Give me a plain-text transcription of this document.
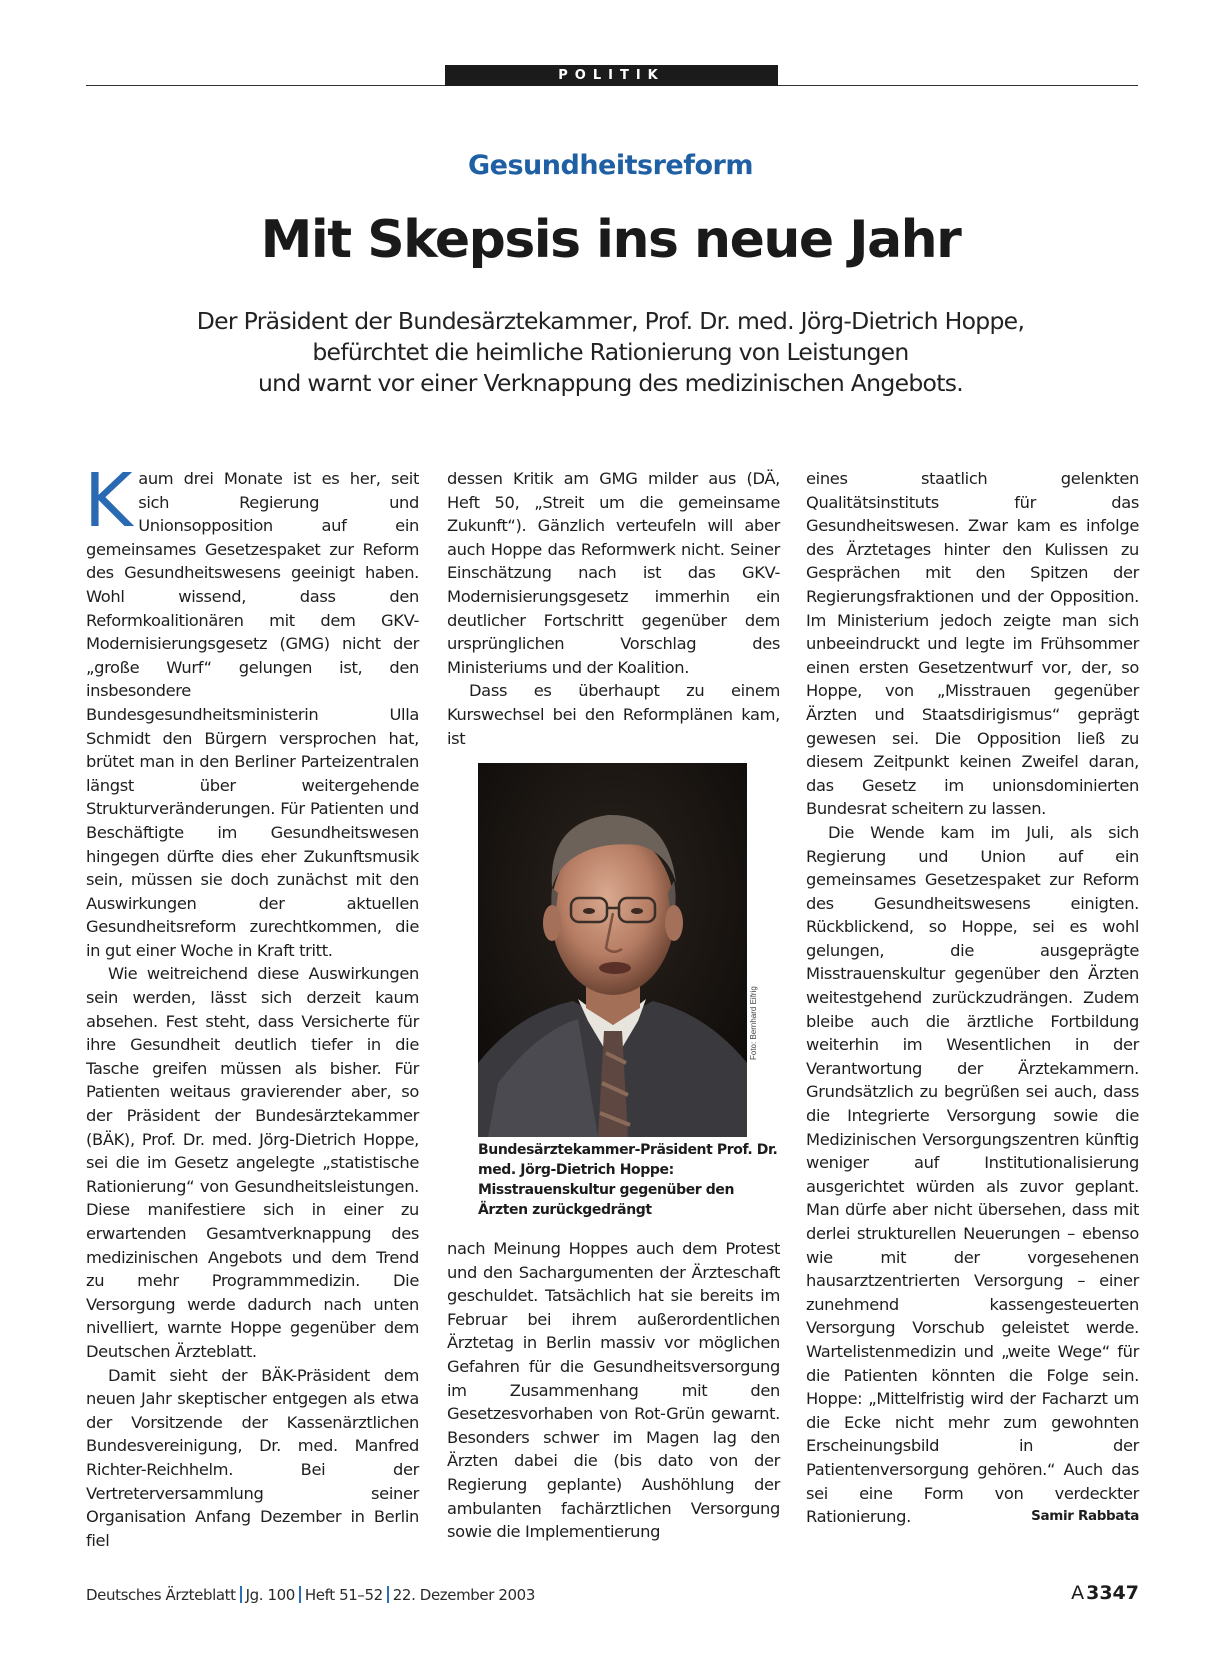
POLITIK
Gesundheitsreform
Mit Skepsis ins neue Jahr
Der Präsident der Bundesärztekammer, Prof. Dr. med. Jörg-Dietrich Hoppe,
befürchtet die heimliche Rationierung von Leistungen
und warnt vor einer Verknappung des medizinischen Angebots.

Kaum drei Monate ist es her, seit sich Regierung und Unionsopposition auf ein gemeinsames Gesetzespaket zur Reform des Gesundheitswesens geeinigt haben. Wohl wissend, dass den Reformkoalitionären mit dem GKV-Modernisierungsgesetz (GMG) nicht der „große Wurf“ gelungen ist, den insbesondere Bundesgesundheitsministerin Ulla Schmidt den Bürgern versprochen hat, brütet man in den Berliner Parteizentralen längst über weitergehende Strukturveränderungen. Für Patienten und Beschäftigte im Gesundheitswesen hingegen dürfte dies eher Zukunftsmusik sein, müssen sie doch zunächst mit den Auswirkungen der aktuellen Gesundheitsreform zurechtkommen, die in gut einer Woche in Kraft tritt.

Wie weitreichend diese Auswirkungen sein werden, lässt sich derzeit kaum absehen. Fest steht, dass Versicherte für ihre Gesundheit deutlich tiefer in die Tasche greifen müssen als bisher. Für Patienten weitaus gravierender aber, so der Präsident der Bundesärztekammer (BÄK), Prof. Dr. med. Jörg-Dietrich Hoppe, sei die im Gesetz angelegte „statistische Rationierung“ von Gesundheitsleistungen. Diese manifestiere sich in einer zu erwartenden Gesamtverknappung des medizinischen Angebots und dem Trend zu mehr Programmmedizin. Die Versorgung werde dadurch nach unten nivelliert, warnte Hoppe gegenüber dem Deutschen Ärzteblatt.

Damit sieht der BÄK-Präsident dem neuen Jahr skeptischer entgegen als etwa der Vorsitzende der Kassenärztlichen Bundesvereinigung, Dr. med. Manfred Richter-Reichhelm. Bei der Vertreterversammlung seiner Organisation Anfang Dezember in Berlin fiel

dessen Kritik am GMG milder aus (DÄ, Heft 50, „Streit um die gemeinsame Zukunft“). Gänzlich verteufeln will aber auch Hoppe das Reformwerk nicht. Seiner Einschätzung nach ist das GKV-Modernisierungsgesetz immerhin ein deutlicher Fortschritt gegenüber dem ursprünglichen Vorschlag des Ministeriums und der Koalition.

Dass es überhaupt zu einem Kurswechsel bei den Reformplänen kam, ist

Foto: Bernhard Eifrig
Bundesärztekammer-Präsident Prof. Dr. med. Jörg-Dietrich Hoppe: Misstrauenskultur gegenüber den Ärzten zurückgedrängt

nach Meinung Hoppes auch dem Protest und den Sachargumenten der Ärzteschaft geschuldet. Tatsächlich hat sie bereits im Februar bei ihrem außerordentlichen Ärztetag in Berlin massiv vor möglichen Gefahren für die Gesundheitsversorgung im Zusammenhang mit den Gesetzesvorhaben von Rot-Grün gewarnt. Besonders schwer im Magen lag den Ärzten dabei die (bis dato von der Regierung geplante) Aushöhlung der ambulanten fachärztlichen Versorgung sowie die Implementierung

eines staatlich gelenkten Qualitätsinstituts für das Gesundheitswesen. Zwar kam es infolge des Ärztetages hinter den Kulissen zu Gesprächen mit den Spitzen der Regierungsfraktionen und der Opposition. Im Ministerium jedoch zeigte man sich unbeeindruckt und legte im Frühsommer einen ersten Gesetzentwurf vor, der, so Hoppe, von „Misstrauen gegenüber Ärzten und Staatsdirigismus“ geprägt gewesen sei. Die Opposition ließ zu diesem Zeitpunkt keinen Zweifel daran, das Gesetz im unionsdominierten Bundesrat scheitern zu lassen.

Die Wende kam im Juli, als sich Regierung und Union auf ein gemeinsames Gesetzespaket zur Reform des Gesundheitswesens einigten. Rückblickend, so Hoppe, sei es wohl gelungen, die ausgeprägte Misstrauenskultur gegenüber den Ärzten weitestgehend zurückzudrängen. Zudem bleibe auch die ärztliche Fortbildung weiterhin im Wesentlichen in der Verantwortung der Ärztekammern. Grundsätzlich zu begrüßen sei auch, dass die Integrierte Versorgung sowie die Medizinischen Versorgungszentren künftig weniger auf Institutionalisierung ausgerichtet würden als zuvor geplant. Man dürfe aber nicht übersehen, dass mit derlei strukturellen Neuerungen – ebenso wie mit der vorgesehenen hausarztzentrierten Versorgung – einer zunehmend kassengesteuerten Versorgung Vorschub geleistet werde. Wartelistenmedizin und „weite Wege“ für die Patienten könnten die Folge sein. Hoppe: „Mittelfristig wird der Facharzt um die Ecke nicht mehr zum gewohnten Erscheinungsbild in der Patientenversorgung gehören.“ Auch das sei eine Form von verdeckter Rationierung.	Samir Rabbata

Deutsches Ärzteblatt Jg. 100 Heft 51–52 22. Dezember 2003	A 3347
